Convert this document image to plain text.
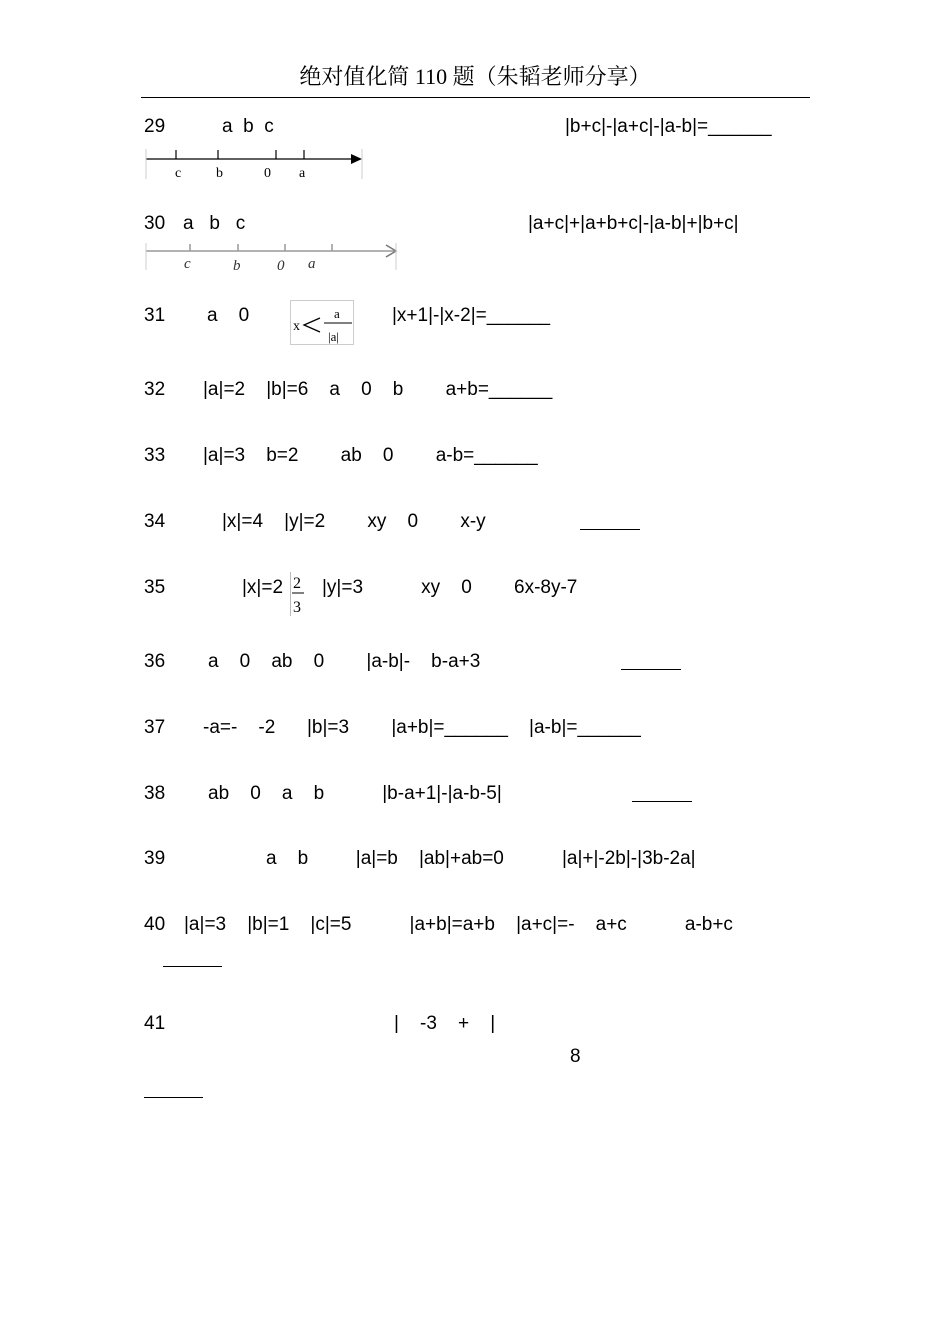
绝对值化简 110 题（朱韬老师分享）
29	a  b  c	|b+c|-|a+c|-|a-b|=______
c b	0 a
30 a   b   c	|a+c|+|a+b+c|-|a-b|+|b+c|
c	b 0 a
31 a    0
x
a
|a|
|x+1|-|x-2|=______
32 |a|=2    |b|=6    a    0    b        a+b=______
33 |a|=3    b=2        ab    0        a-b=______
34	|x|=4    |y|=2        xy    0        x-y
35	|x|=2 2
3
|y|=3           xy    0        6x-8y-7
36 a    0    ab    0        |a-b|-    b-a+3
37 -a=-    -2      |b|=3        |a+b|=______    |a-b|=______
38 ab    0    a    b           |b-a+1|-|a-b-5|
39	a    b         |a|=b    |ab|+ab=0           |a|+|-2b|-|3b-2a|
40 |a|=3    |b|=1    |c|=5           |a+b|=a+b    |a+c|=-    a+c           a-b+c
41	|    -3    +    |
8
